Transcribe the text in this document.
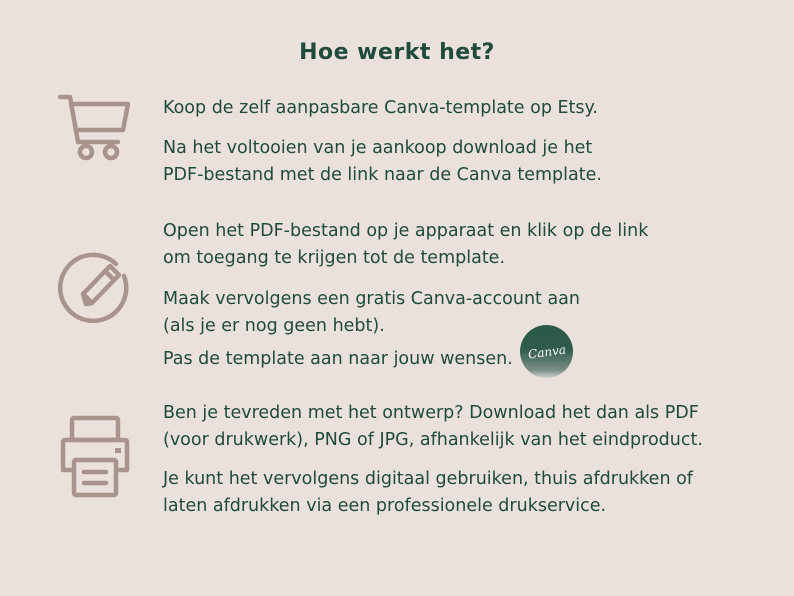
Hoe werkt het?
Koop de zelf aanpasbare Canva-template op Etsy.
Na het voltooien van je aankoop download je het
PDF-bestand met de link naar de Canva template.
Open het PDF-bestand op je apparaat en klik op de link
om toegang te krijgen tot de template.
Maak vervolgens een gratis Canva-account aan
(als je er nog geen hebt).
Pas de template aan naar jouw wensen. Canva
Ben je tevreden met het ontwerp? Download het dan als PDF
(voor drukwerk), PNG of JPG, afhankelijk van het eindproduct.
Je kunt het vervolgens digitaal gebruiken, thuis afdrukken of
laten afdrukken via een professionele drukservice.
